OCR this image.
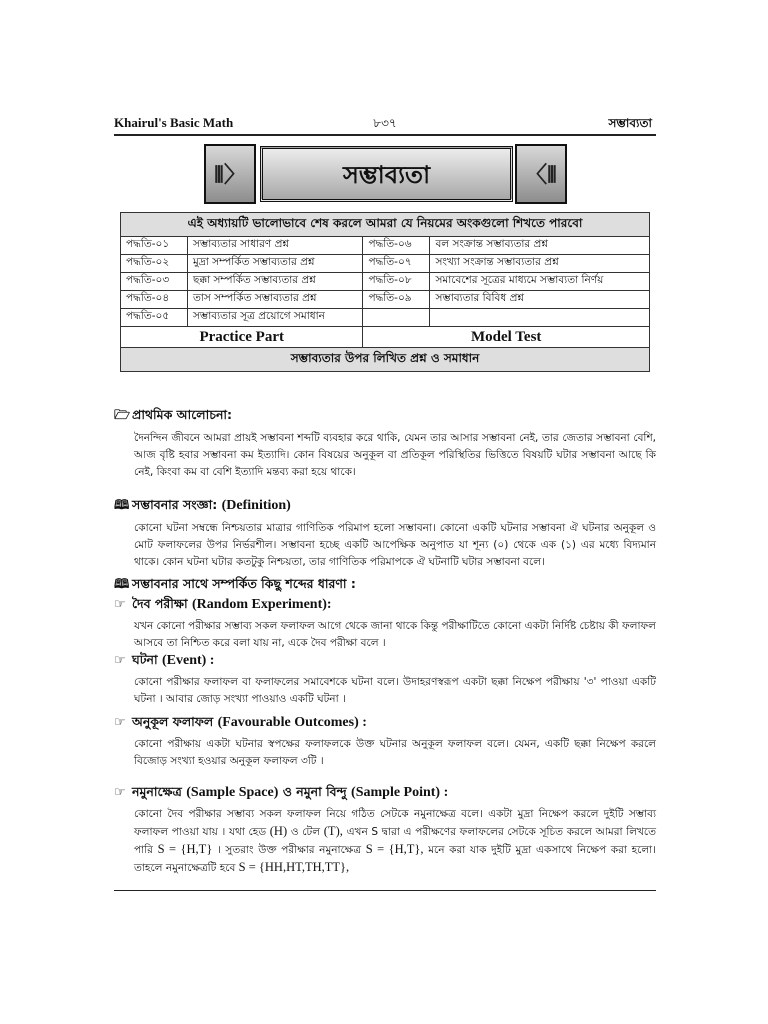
Khairul's Basic Math	৮৩৭	সম্ভাব্যতা
⦀〉	সম্ভাব্যতা	〈⦀
এই অধ্যায়টি ভালোভাবে শেষ করলে আমরা যে নিয়মের অংকগুলো শিখতে পারবো			
পদ্ধতি-০১	সম্ভাব্যতার সাধারণ প্রশ্ন	পদ্ধতি-০৬	বল সংক্রান্ত সম্ভাব্যতার প্রশ্ন
পদ্ধতি-০২	মুদ্রা সম্পর্কিত সম্ভাব্যতার প্রশ্ন	পদ্ধতি-০৭	সংখ্যা সংক্রান্ত সম্ভাব্যতার প্রশ্ন
পদ্ধতি-০৩	ছক্কা সম্পর্কিত সম্ভাব্যতার প্রশ্ন	পদ্ধতি-০৮	সমাবেশের সূত্রের মাধ্যমে সম্ভাব্যতা নির্ণয়
পদ্ধতি-০৪	তাস সম্পর্কিত সম্ভাব্যতার প্রশ্ন	পদ্ধতি-০৯	সম্ভাব্যতার বিবিধ প্রশ্ন
পদ্ধতি-০৫	সম্ভাব্যতার সূত্র প্রয়োগে সমাধান		
Practice Part		Model Test	
সম্ভাব্যতার উপর লিখিত প্রশ্ন ও সমাধান			
🗁 প্রাথমিক আলোচনা:

দৈনন্দিন জীবনে আমরা প্রায়ই সম্ভাবনা শব্দটি ব্যবহার করে থাকি, যেমন তার আসার সম্ভাবনা নেই, তার জেতার সম্ভাবনা বেশি, আজ বৃষ্টি হবার সম্ভাবনা কম ইত্যাদি। কোন বিষয়ের অনুকূল বা প্রতিকূল পরিস্থিতির ভিত্তিতে বিষয়টি ঘটার সম্ভাবনা আছে কি নেই, কিংবা কম বা বেশি ইত্যাদি মন্তব্য করা হয়ে থাকে।

🕮 সম্ভাবনার সংজ্ঞা: (Definition)

কোনো ঘটনা সম্বন্ধে নিশ্চয়তার মাত্রার গাণিতিক পরিমাপ হলো সম্ভাবনা। কোনো একটি ঘটনার সম্ভাবনা ঐ ঘটনার অনুকূল ও মোট ফলাফলের উপর নির্ভরশীল। সম্ভাবনা হচ্ছে একটি আপেক্ষিক অনুপাত যা শূন্য (০) থেকে এক (১) এর মধ্যে বিদ্যমান থাকে। কোন ঘটনা ঘটার কতটুকু নিশ্চয়তা, তার গাণিতিক পরিমাপকে ঐ ঘটনাটি ঘটার সম্ভাবনা বলে।

🕮 সম্ভাবনার সাথে সম্পর্কিত কিছু শব্দের ধারণা :
☞ দৈব পরীক্ষা (Random Experiment):

যখন কোনো পরীক্ষার সম্ভাব্য সকল ফলাফল আগে থেকে জানা থাকে কিন্তু পরীক্ষাটিতে কোনো একটা নির্দিষ্ট চেষ্টায় কী ফলাফল আসবে তা নিশ্চিত করে বলা যায় না, একে দৈব পরীক্ষা বলে ।

☞ ঘটনা (Event) :

কোনো পরীক্ষার ফলাফল বা ফলাফলের সমাবেশকে ঘটনা বলে। উদাহরণস্বরূপ একটা ছক্কা নিক্ষেপ পরীক্ষায় '৩' পাওয়া একটি ঘটনা । আবার জোড় সংখ্যা পাওয়াও একটি ঘটনা ।

☞ অনুকূল ফলাফল (Favourable Outcomes) :

কোনো পরীক্ষায় একটা ঘটনার স্বপক্ষের ফলাফলকে উক্ত ঘটনার অনুকূল ফলাফল বলে। যেমন, একটি ছক্কা নিক্ষেপ করলে বিজোড় সংখ্যা হওয়ার অনুকূল ফলাফল ৩টি ।

☞ নমুনাক্ষেত্র (Sample Space) ও নমুনা বিন্দু (Sample Point) :

কোনো দৈব পরীক্ষার সম্ভাব্য সকল ফলাফল নিয়ে গঠিত সেটকে নমুনাক্ষেত্র বলে। একটা মুদ্রা নিক্ষেপ করলে দুইটি সম্ভাব্য ফলাফল পাওয়া যায় । যথা হেড (H) ও টেল (T), এখন S দ্বারা এ পরীক্ষণের ফলাফলের সেটকে সূচিত করলে আমরা লিখতে পারি S = {H,T} । সুতরাং উক্ত পরীক্ষার নমুনাক্ষেত্র S = {H,T}, মনে করা যাক দুইটি মুদ্রা একসাথে নিক্ষেপ করা হলো। তাহলে নমুনাক্ষেত্রটি হবে S = {HH,HT,TH,TT},
